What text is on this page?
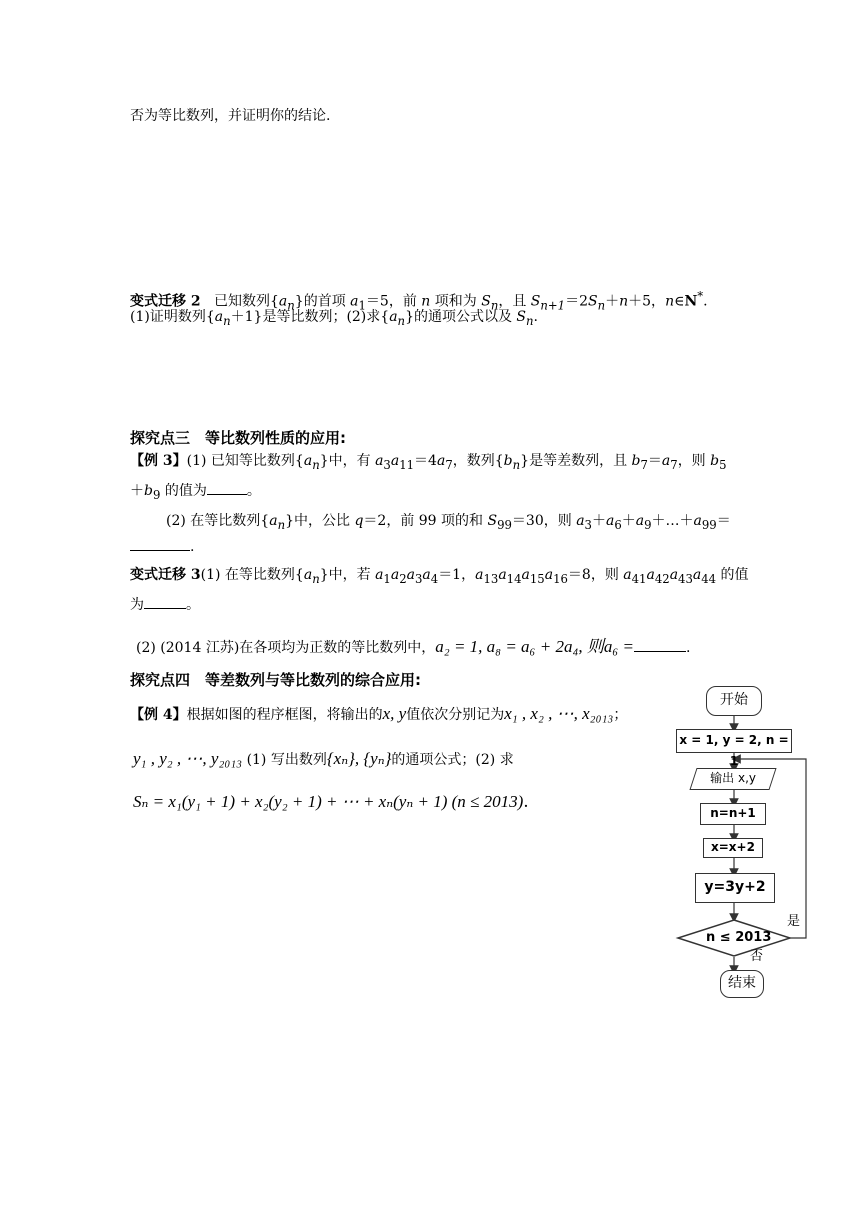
否为等比数列，并证明你的结论.
变式迁移 2 已知数列$\{a_n\}$的首项 $a_1=5$，前 n 项和为 $S_n$，且 $S_{n+1}=2S_n+n+5$，n∈N*.
(1)证明数列$\{a_n+1\}$是等比数列；(2)求$\{a_n\}$的通项公式以及 $S_n$.
探究点三　等比数列性质的应用:
【例 3】(1) 已知等比数列$\{a_n\}$中，有 $a_3a_{11}=4a_7$，数列$\{b_n\}$是等差数列，且 $b_7=a_7$，则 $b_5$
$+b_9$ 的值为	。
(2) 在等比数列$\{a_n\}$中，公比 q＝2，前 99 项的和 $S_{99}=30$，则 $a_3+a_6+a_9+\dots+a_{99}=$
.
变式迁移 3(1) 在等比数列$\{a_n\}$中，若 $a_1a_2a_3a_4=1$，$a_{13}a_{14}a_{15}a_{16}=8$，则 $a_{41}a_{42}a_{43}a_{44}$ 的值
为	。
(2) (2014 江苏)在各项均为正数的等比数列中，a₂ = 1, a₈ = a₆ + 2a₄, 则a₆ =	.
探究点四　等差数列与等比数列的综合应用:
【例 4】根据如图的程序框图，将输出的x, y值依次分别记为x₁ , x₂ , ⋯, x₂₀₁₃；
y₁ , y₂ , ⋯, y₂₀₁₃ (1) 写出数列{xₙ}, {yₙ}的通项公式；(2) 求
Sₙ = x₁(y₁ + 1) + x₂(y₂ + 1) + ⋯ + xₙ(yₙ + 1) (n ≤ 2013).
开始
x = 1, y = 2, n = 1
输出 x,y
n=n+1
x=x+2
y=3y+2
n ≤ 2013
是
否
结束
